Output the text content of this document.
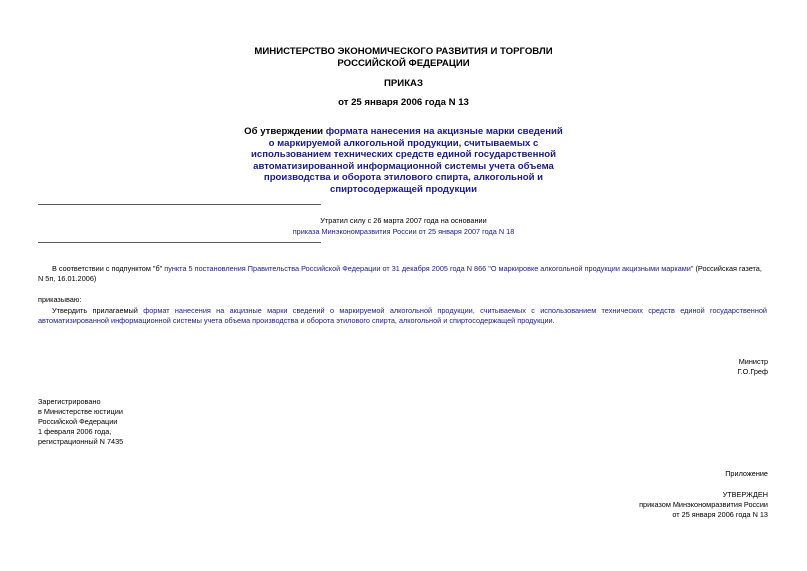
МИНИСТЕРСТВО ЭКОНОМИЧЕСКОГО РАЗВИТИЯ И ТОРГОВЛИ
РОССИЙСКОЙ ФЕДЕРАЦИИ
ПРИКАЗ
от 25 января 2006 года N 13
Об утверждении формата нанесения на акцизные марки сведений
о маркируемой алкогольной продукции, считываемых с
использованием технических средств единой государственной
автоматизированной информационной системы учета объема
производства и оборота этилового спирта, алкогольной и
спиртосодержащей продукции
Утратил силу с 26 марта 2007 года на основании
приказа Минэкономразвития России от 25 января 2007 года N 18
В соответствии с подпунктом "б" пункта 5 постановления Правительства Российской Федерации от 31 декабря 2005 года N 866 "О маркировке алкогольной продукции акцизными марками" (Российская газета, N 5п, 16.01.2006)
приказываю:
Утвердить прилагаемый формат нанесения на акцизные марки сведений о маркируемой алкогольной продукции, считываемых с использованием технических средств единой государственной автоматизированной информационной системы учета объема производства и оборота этилового спирта, алкогольной и спиртосодержащей продукции.
Министр
Г.О.Греф
Зарегистрировано
в Министерстве юстиции
Российской Федерации
1 февраля 2006 года,
регистрационный N 7435
Приложение
УТВЕРЖДЕН
приказом Минэкономразвития России
от 25 января 2006 года N 13
